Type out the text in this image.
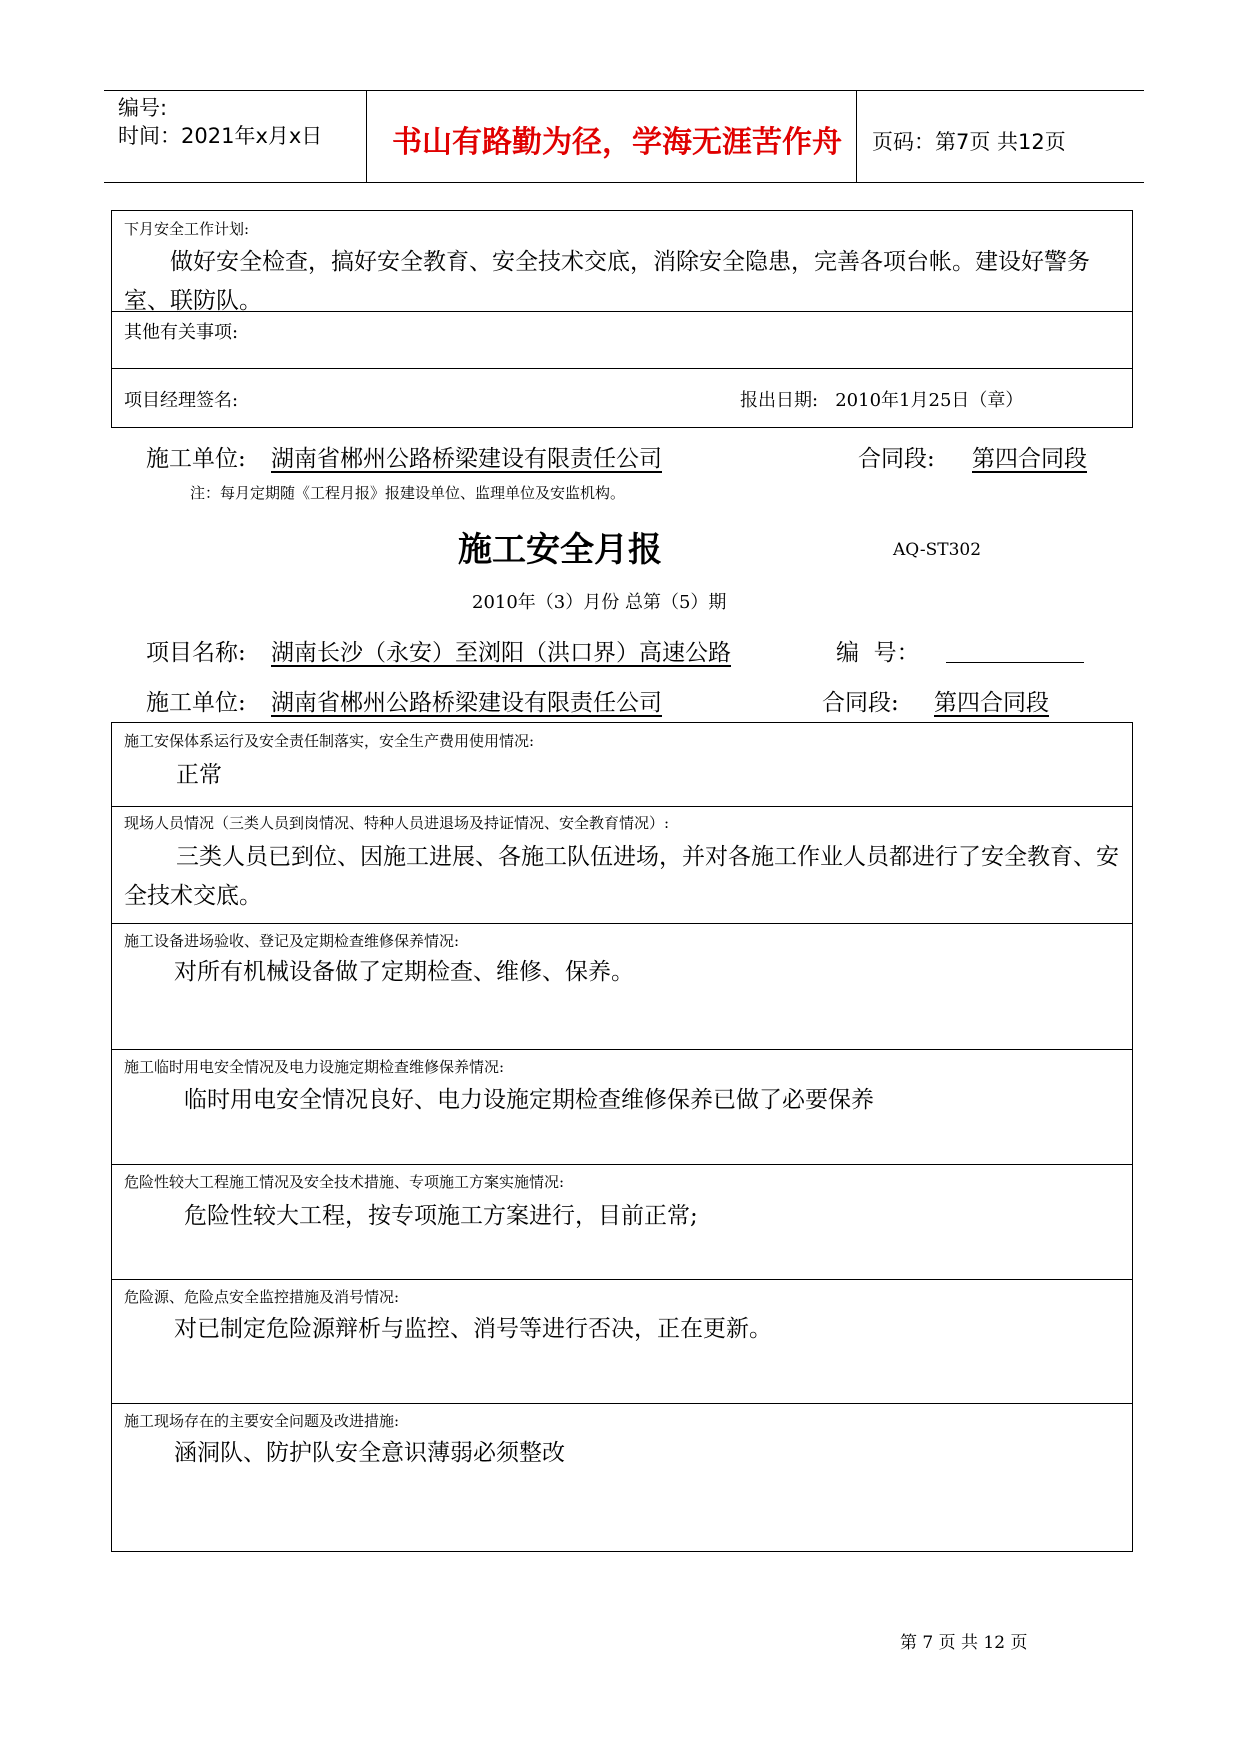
编号:
时间：2021年x月x日 书山有路勤为径，学海无涯苦作舟 页码：第7页 共12页
下月安全工作计划:
做好安全检查，搞好安全教育、安全技术交底，消除安全隐患，完善各项台帐。建设好警务室、联防队。
其他有关事项:
项目经理签名:	报出日期:   2010年1月25日（章）
施工单位: 湖南省郴州公路桥梁建设有限责任公司	合同段:	第四合同段
注：每月定期随《工程月报》报建设单位、监理单位及安监机构。
施工安全月报	AQ-ST302
2010年（3）月份 总第（5）期
项目名称: 湖南长沙（永安）至浏阳（洪口界）高速公路	编  号：
施工单位: 湖南省郴州公路桥梁建设有限责任公司	合同段:	第四合同段
施工安保体系运行及安全责任制落实，安全生产费用使用情况:
正常
现场人员情况（三类人员到岗情况、特种人员进退场及持证情况、安全教育情况）:
三类人员已到位、因施工进展、各施工队伍进场，并对各施工作业人员都进行了安全教育、安全技术交底。
施工设备进场验收、登记及定期检查维修保养情况:
对所有机械设备做了定期检查、维修、保养。
施工临时用电安全情况及电力设施定期检查维修保养情况:
临时用电安全情况良好、电力设施定期检查维修保养已做了必要保养
危险性较大工程施工情况及安全技术措施、专项施工方案实施情况:
危险性较大工程，按专项施工方案进行，目前正常;
危险源、危险点安全监控措施及消号情况:
对已制定危险源辩析与监控、消号等进行否决，正在更新。
施工现场存在的主要安全问题及改进措施:
涵洞队、防护队安全意识薄弱必须整改
第 7 页 共 12 页
